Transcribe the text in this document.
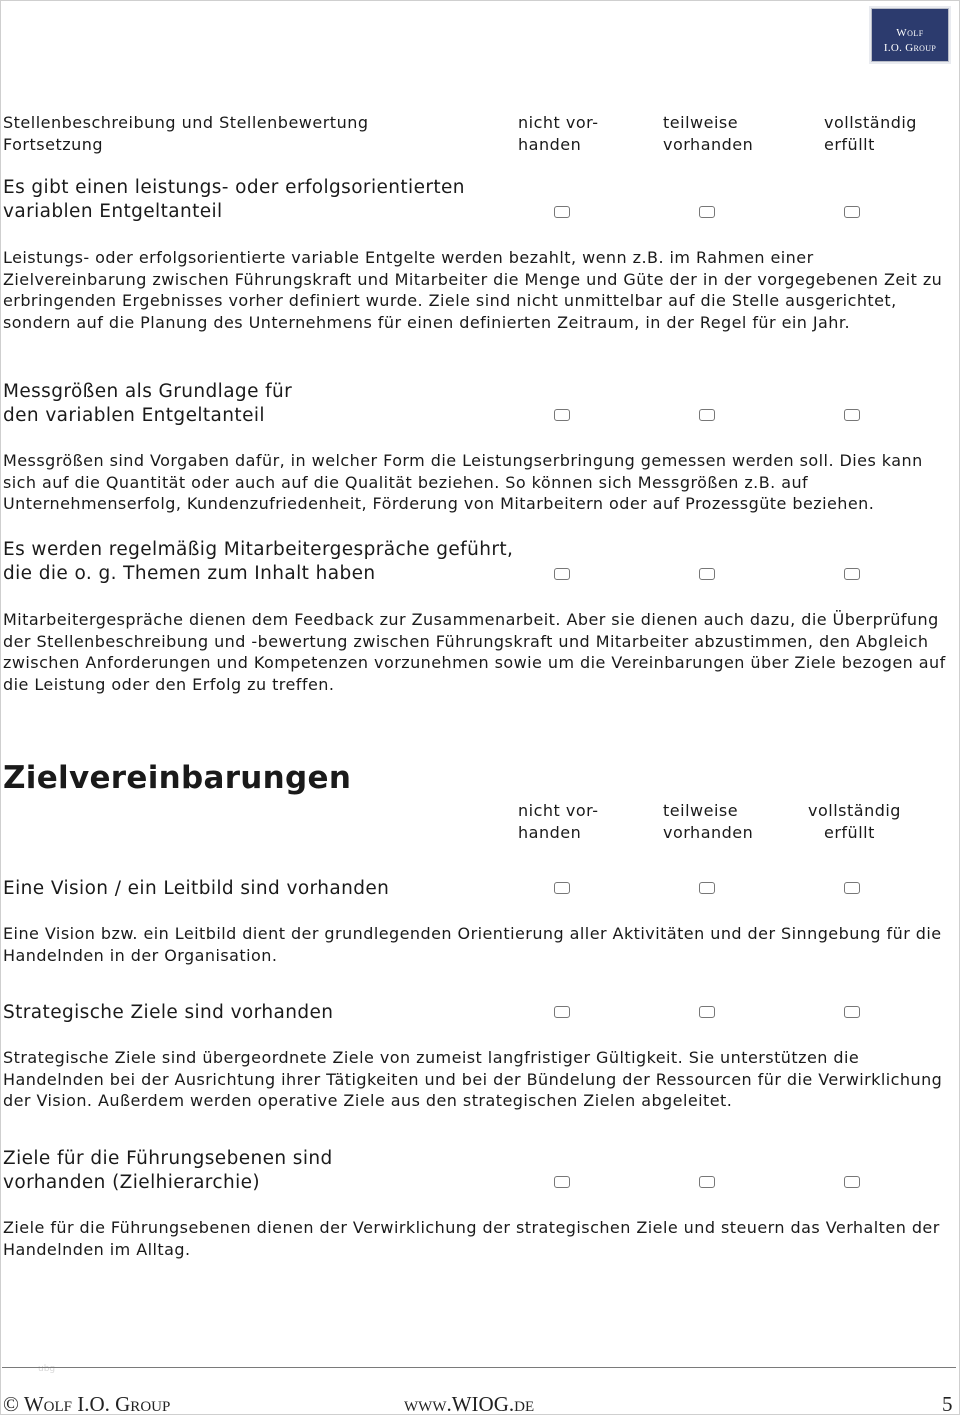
Wolf
I.O. Group
Stellenbeschreibung und Stellenbewertung
Fortsetzung
nicht vor-
handen
teilweise
vorhanden
vollständig
erfüllt
Es gibt einen leistungs- oder erfolgsorientierten
variablen Entgeltanteil
Leistungs- oder erfolgsorientierte variable Entgelte werden bezahlt, wenn z.B. im Rahmen einer Zielvereinbarung zwischen Führungskraft und Mitarbeiter die Menge und Güte der in der vorgegebenen Zeit zu erbringenden Ergebnisses vorher definiert wurde. Ziele sind nicht unmittelbar auf die Stelle ausgerichtet, sondern auf die Planung des Unternehmens für einen definierten Zeitraum, in der Regel für ein Jahr.
Messgrößen als Grundlage für
den variablen Entgeltanteil
Messgrößen sind Vorgaben dafür, in welcher Form die Leistungserbringung gemessen werden soll. Dies kann sich auf die Quantität oder auch auf die Qualität beziehen. So können sich Messgrößen z.B. auf Unternehmenserfolg, Kundenzufriedenheit, Förderung von Mitarbeitern oder auf Prozessgüte beziehen.
Es werden regelmäßig Mitarbeitergespräche geführt,
die die o. g. Themen zum Inhalt haben
Mitarbeitergespräche dienen dem Feedback zur Zusammenarbeit. Aber sie dienen auch dazu, die Überprüfung der Stellenbeschreibung und -bewertung zwischen Führungskraft und Mitarbeiter abzustimmen, den Abgleich zwischen Anforderungen und Kompetenzen vorzunehmen sowie um die Vereinbarungen über Ziele bezogen auf die Leistung oder den Erfolg zu treffen.
Zielvereinbarungen
nicht vor-
handen
teilweise
vorhanden
vollständig
erfüllt
Eine Vision / ein Leitbild sind vorhanden
Eine Vision bzw. ein Leitbild dient der grundlegenden Orientierung aller Aktivitäten und der Sinngebung für die Handelnden in der Organisation.
Strategische Ziele sind vorhanden
Strategische Ziele sind übergeordnete Ziele von zumeist langfristiger Gültigkeit. Sie unterstützen die Handelnden bei der Ausrichtung ihrer Tätigkeiten und bei der Bündelung der Ressourcen für die Verwirklichung der Vision. Außerdem werden operative Ziele aus den strategischen Zielen abgeleitet.
Ziele für die Führungsebenen sind
vorhanden (Zielhierarchie)
Ziele für die Führungsebenen dienen der Verwirklichung der strategischen Ziele und steuern das Verhalten der Handelnden im Alltag.
ubg
© Wolf I.O. Group	www.WIOG.de	5
